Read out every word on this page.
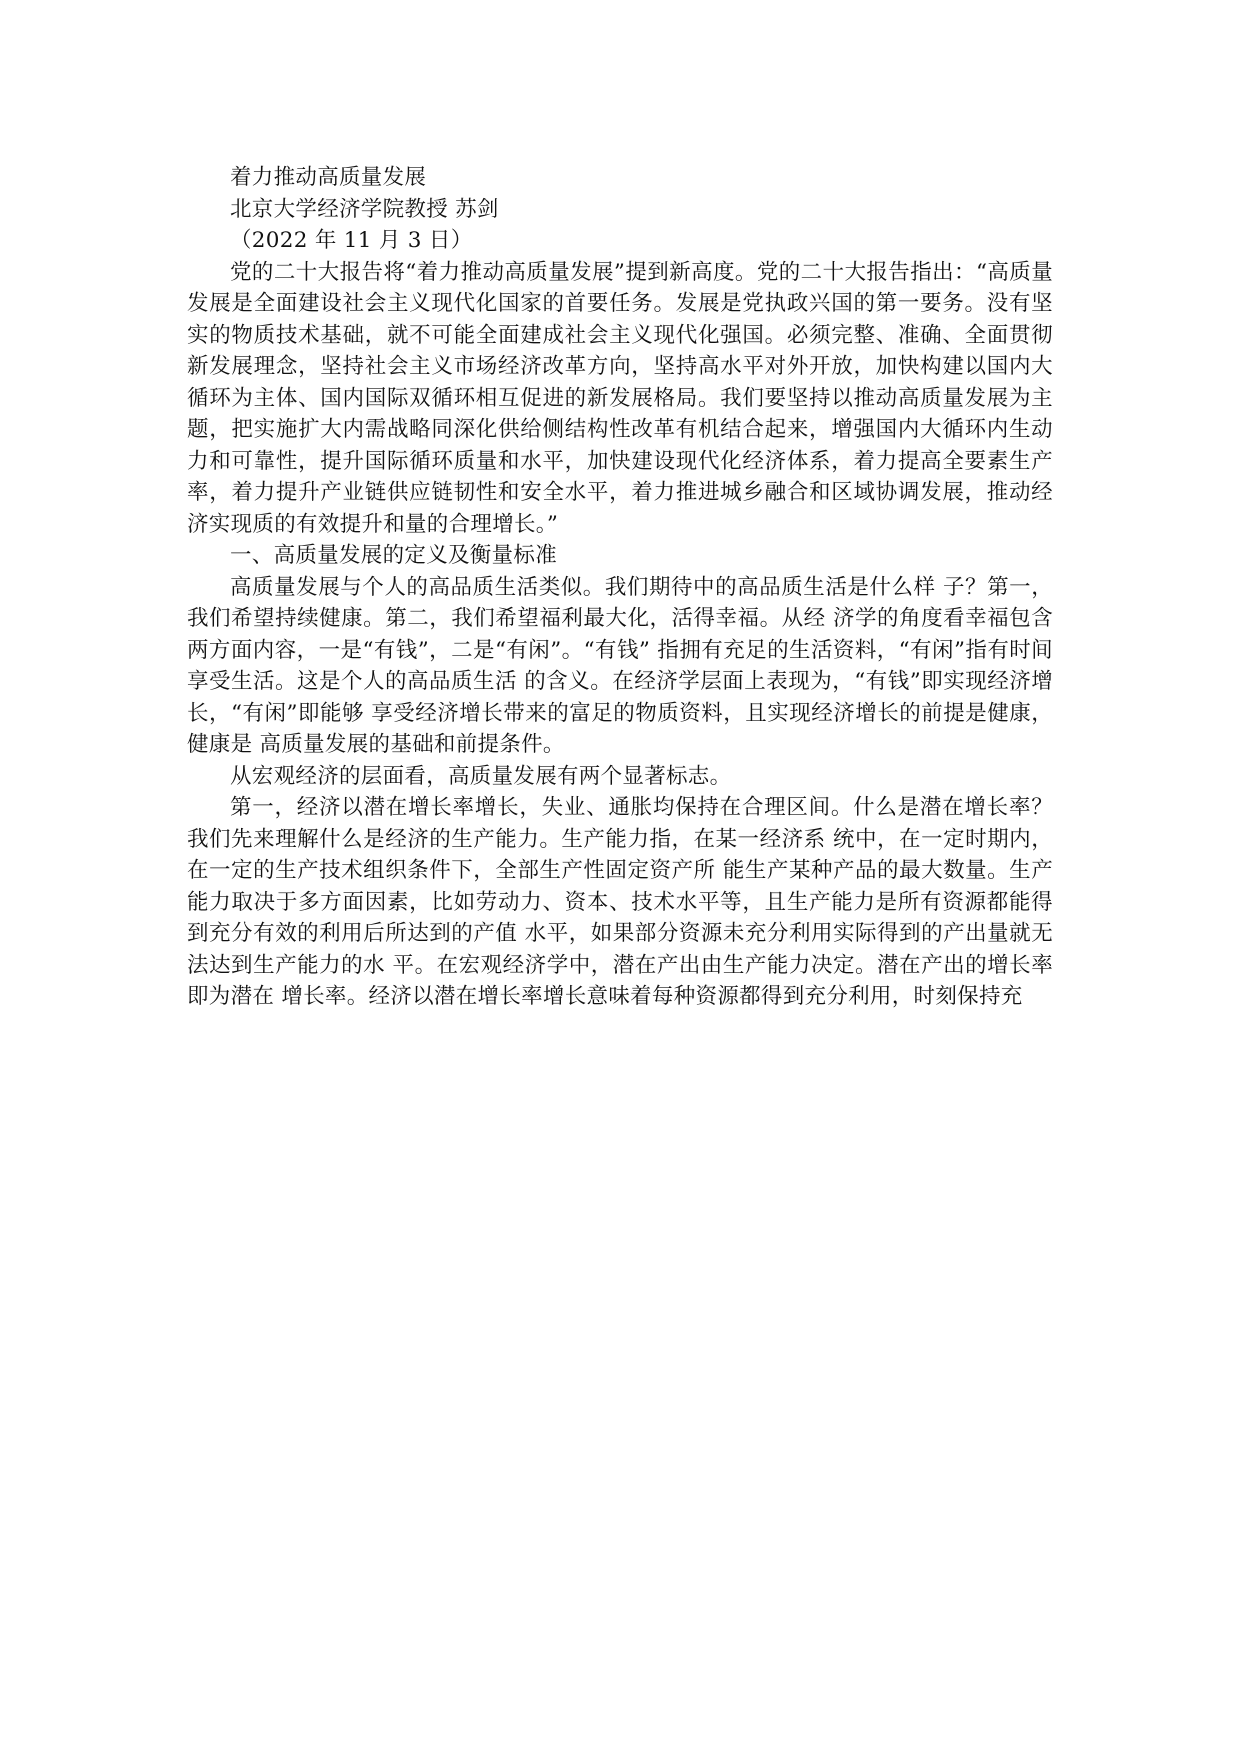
着力推动高质量发展

北京大学经济学院教授 苏剑

（2022 年 11 月 3 日）

党的二十大报告将“着力推动高质量发展”提到新高度。党的二十大报告指出：“高质量发展是全面建设社会主义现代化国家的首要任务。发展是党执政兴国的第一要务。没有坚实的物质技术基础，就不可能全面建成社会主义现代化强国。必须完整、准确、全面贯彻新发展理念，坚持社会主义市场经济改革方向，坚持高水平对外开放，加快构建以国内大循环为主体、国内国际双循环相互促进的新发展格局。我们要坚持以推动高质量发展为主题，把实施扩大内需战略同深化供给侧结构性改革有机结合起来，增强国内大循环内生动力和可靠性，提升国际循环质量和水平，加快建设现代化经济体系，着力提高全要素生产率，着力提升产业链供应链韧性和安全水平，着力推进城乡融合和区域协调发展，推动经济实现质的有效提升和量的合理增长。”

一、高质量发展的定义及衡量标准

高质量发展与个人的高品质生活类似。我们期待中的高品质生活是什么样 子？第一，我们希望持续健康。第二，我们希望福利最大化，活得幸福。从经 济学的角度看幸福包含两方面内容，一是“有钱”，二是“有闲”。“有钱” 指拥有充足的生活资料，“有闲”指有时间享受生活。这是个人的高品质生活 的含义。在经济学层面上表现为，“有钱”即实现经济增长，“有闲”即能够 享受经济增长带来的富足的物质资料，且实现经济增长的前提是健康，健康是 高质量发展的基础和前提条件。

从宏观经济的层面看，高质量发展有两个显著标志。

第一，经济以潜在增长率增长，失业、通胀均保持在合理区间。什么是潜在增长率？我们先来理解什么是经济的生产能力。生产能力指，在某一经济系 统中，在一定时期内，在一定的生产技术组织条件下，全部生产性固定资产所 能生产某种产品的最大数量。生产能力取决于多方面因素，比如劳动力、资本、技术水平等，且生产能力是所有资源都能得到充分有效的利用后所达到的产值 水平，如果部分资源未充分利用实际得到的产出量就无法达到生产能力的水 平。在宏观经济学中，潜在产出由生产能力决定。潜在产出的增长率即为潜在 增长率。经济以潜在增长率增长意味着每种资源都得到充分利用，时刻保持充
